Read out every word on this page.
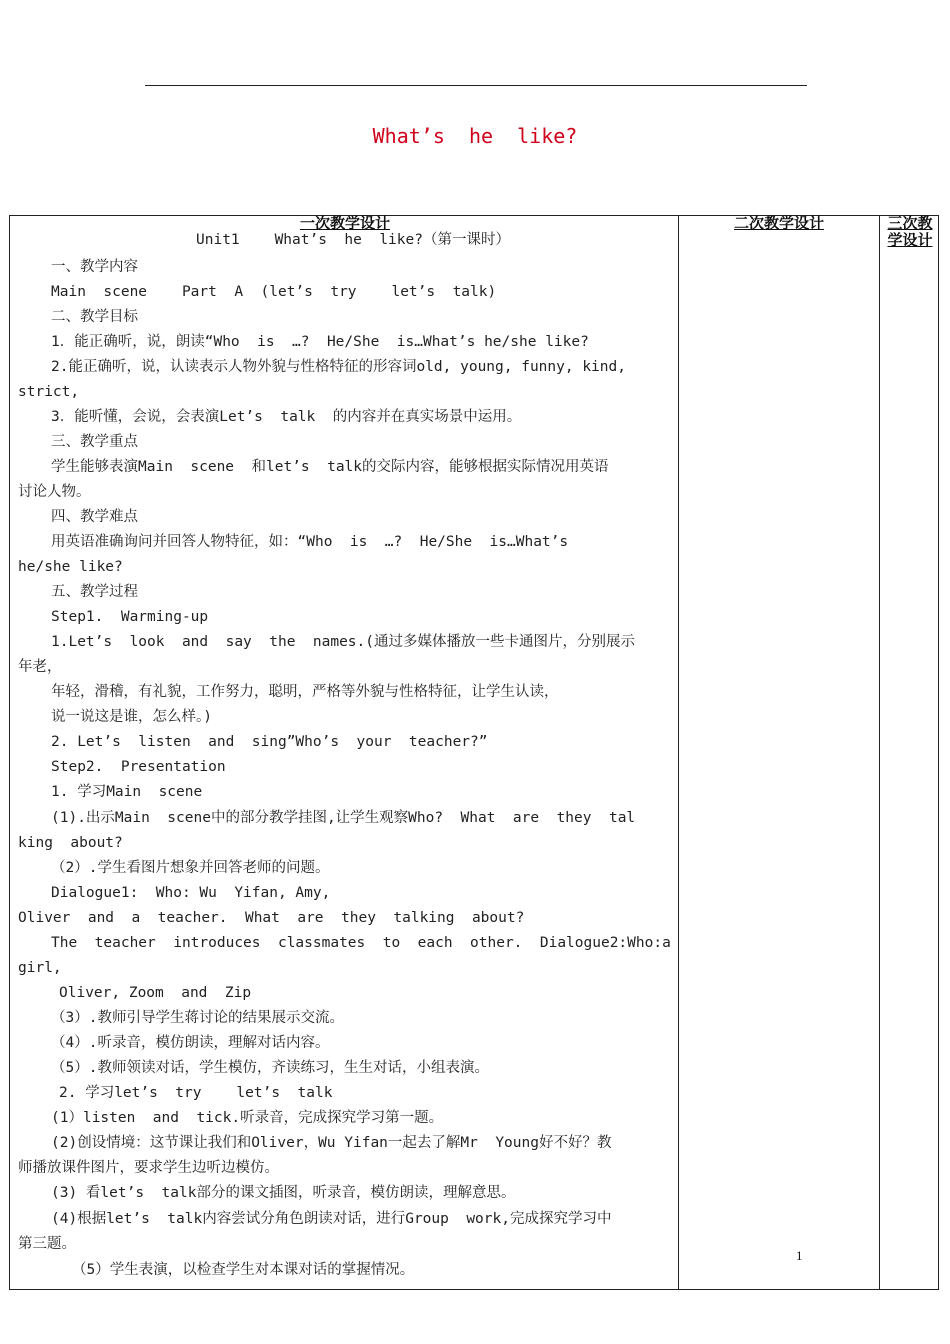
What’s  he  like?
一次教学设计	二次教学设计	三次教学设计
Unit1    What’s  he  like?（第一课时）
一、教学内容
Main  scene    Part  A  (let’s  try    let’s  talk)
二、教学目标
1．能正确听，说，朗读“Who  is  …?  He/She  is…What’s he/she like?
2.能正确听，说，认读表示人物外貌与性格特征的形容词old, young, funny, kind,
strict,
3．能听懂，会说，会表演Let’s  talk  的内容并在真实场景中运用。
三、教学重点
学生能够表演Main  scene  和let’s  talk的交际内容，能够根据实际情况用英语
讨论人物。
四、教学难点
用英语准确询问并回答人物特征，如：“Who  is  …?  He/She  is…What’s
he/she like?
五、教学过程
Step1.  Warming-up
1.Let’s  look  and  say  the  names.(通过多媒体播放一些卡通图片，分别展示
年老，
年轻，滑稽，有礼貌，工作努力，聪明，严格等外貌与性格特征，让学生认读，
说一说这是谁，怎么样。)
2. Let’s  listen  and  sing”Who’s  your  teacher?”
Step2.  Presentation
1. 学习Main  scene
(1).出示Main  scene中的部分教学挂图,让学生观察Who?  What  are  they  tal
king  about?
（2）.学生看图片想象并回答老师的问题。
Dialogue1:  Who: Wu  Yifan, Amy,
Oliver  and  a  teacher.  What  are  they  talking  about?
The  teacher  introduces  classmates  to  each  other.  Dialogue2:Who:a
girl,
Oliver, Zoom  and  Zip
（3）.教师引导学生蒋讨论的结果展示交流。
（4）.听录音，模仿朗读，理解对话内容。
（5）.教师领读对话，学生模仿，齐读练习，生生对话，小组表演。
2. 学习let’s  try    let’s  talk
(1）listen  and  tick.听录音，完成探究学习第一题。
(2)创设情境：这节课让我们和Oliver，Wu Yifan一起去了解Mr  Young好不好？教
师播放课件图片，要求学生边听边模仿。
(3) 看let’s  talk部分的课文插图，听录音，模仿朗读，理解意思。
(4)根据let’s  talk内容尝试分角色朗读对话，进行Group  work,完成探究学习中
第三题。
（5）学生表演，以检查学生对本课对话的掌握情况。
1
